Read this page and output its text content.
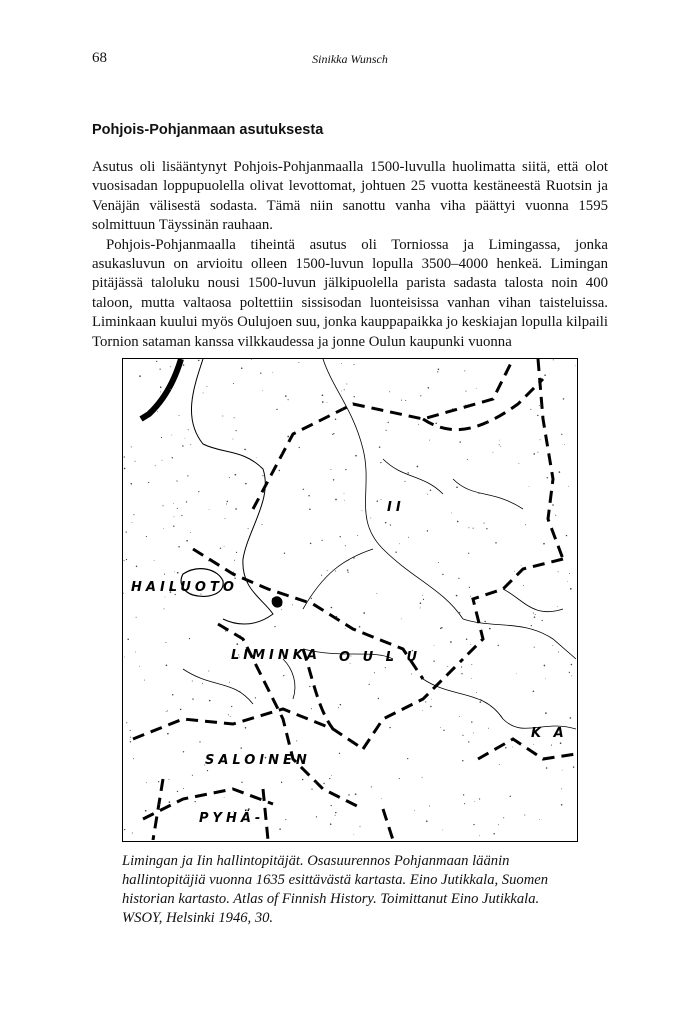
68	Sinikka Wunsch
Pohjois-Pohjanmaan asutuksesta

Asutus oli lisääntynyt Pohjois-Pohjanmaalla 1500-luvulla huolimatta siitä, että olot vuosisadan loppupuolella olivat levottomat, johtuen 25 vuotta kestäneestä Ruotsin ja Venäjän välisestä sodasta. Tämä niin sanottu vanha viha päättyi vuonna 1595 solmittuun Täyssinän rauhaan.

Pohjois-Pohjanmaalla tiheintä asutus oli Torniossa ja Limingassa, jonka asukasluvun on arvioitu olleen 1500-luvun lopulla 3500–4000 henkeä. Limingan pitäjässä taloluku nousi 1500-luvun jälkipuolella parista sadasta talosta noin 400 taloon, mutta valtaosa poltettiin sissisodan luonteisissa vanhan vihan taisteluissa. Liminkaan kuului myös Oulujoen suu, jonka kauppapaikka jo keskiajan lopulla kilpaili Tornion sataman kanssa vilkkaudessa ja jonne Oulun kaupunki vuonna

HAILUOTO
LIMINKA O U L U
SALOINEN
PYHÄ-
K A
II
Limingan ja Iin hallintopitäjät. Osasuurennos Pohjanmaan läänin hallintopitäjiä vuonna 1635 esittävästä kartasta. Eino Jutikkala, Suomen historian kartasto. Atlas of Finnish History. Toimittanut Eino Jutikkala. WSOY, Helsinki 1946, 30.
